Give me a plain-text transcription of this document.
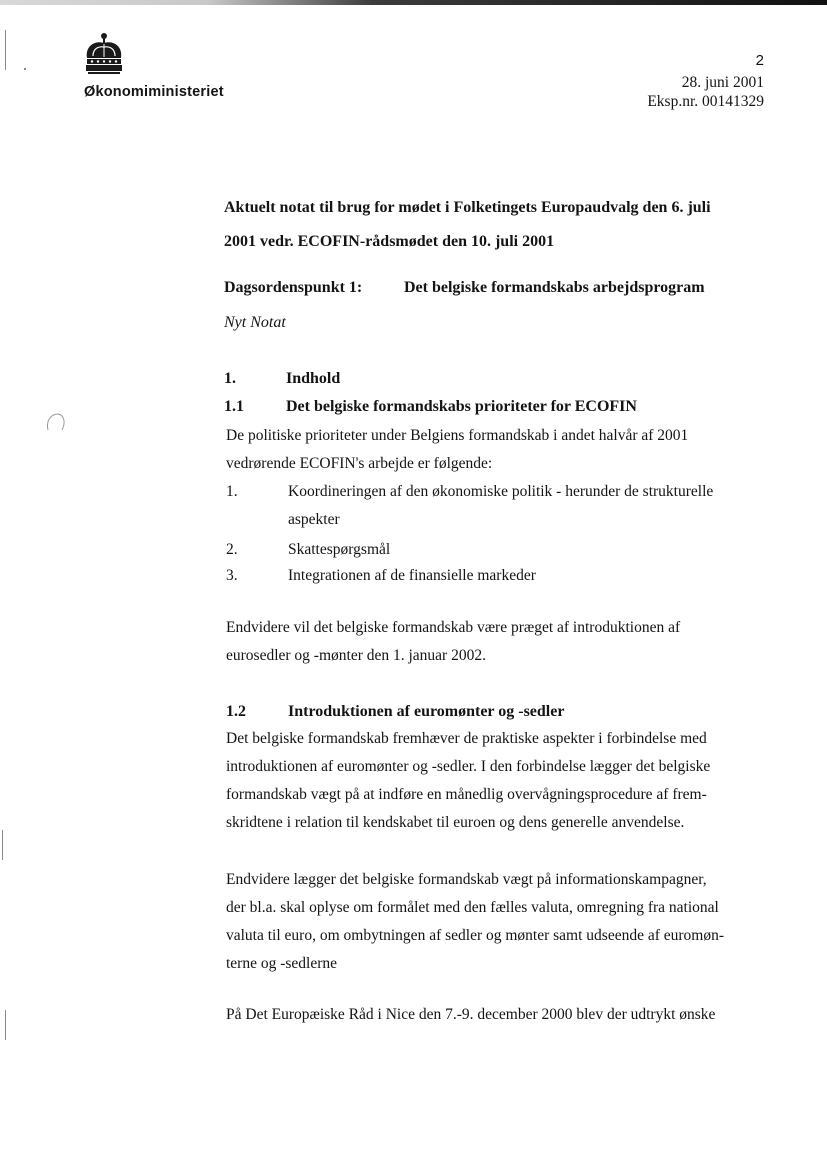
Økonomiministeriet
2
28. juni 2001
Eksp.nr. 00141329
Aktuelt notat til brug for mødet i Folketingets Europaudvalg den 6. juli
2001 vedr. ECOFIN-rådsmødet den 10. juli 2001
Dagsordenspunkt 1:	Det belgiske formandskabs arbejdsprogram
Nyt Notat
1.	Indhold
1.1	Det belgiske formandskabs prioriteter for ECOFIN
De politiske prioriteter under Belgiens formandskab i andet halvår af 2001
vedrørende ECOFIN's arbejde er følgende:
1.	Koordineringen af den økonomiske politik - herunder de strukturelle
aspekter
2.	Skattespørgsmål
3.	Integrationen af de finansielle markeder
Endvidere vil det belgiske formandskab være præget af introduktionen af
eurosedler og -mønter den 1. januar 2002.
1.2	Introduktionen af euromønter og -sedler
Det belgiske formandskab fremhæver de praktiske aspekter i forbindelse med
introduktionen af euromønter og -sedler. I den forbindelse lægger det belgiske
formandskab vægt på at indføre en månedlig overvågningsprocedure af frem-
skridtene i relation til kendskabet til euroen og dens generelle anvendelse.
Endvidere lægger det belgiske formandskab vægt på informationskampagner,
der bl.a. skal oplyse om formålet med den fælles valuta, omregning fra national
valuta til euro, om ombytningen af sedler og mønter samt udseende af euromøn-
terne og -sedlerne
På Det Europæiske Råd i Nice den 7.-9. december 2000 blev der udtrykt ønske
